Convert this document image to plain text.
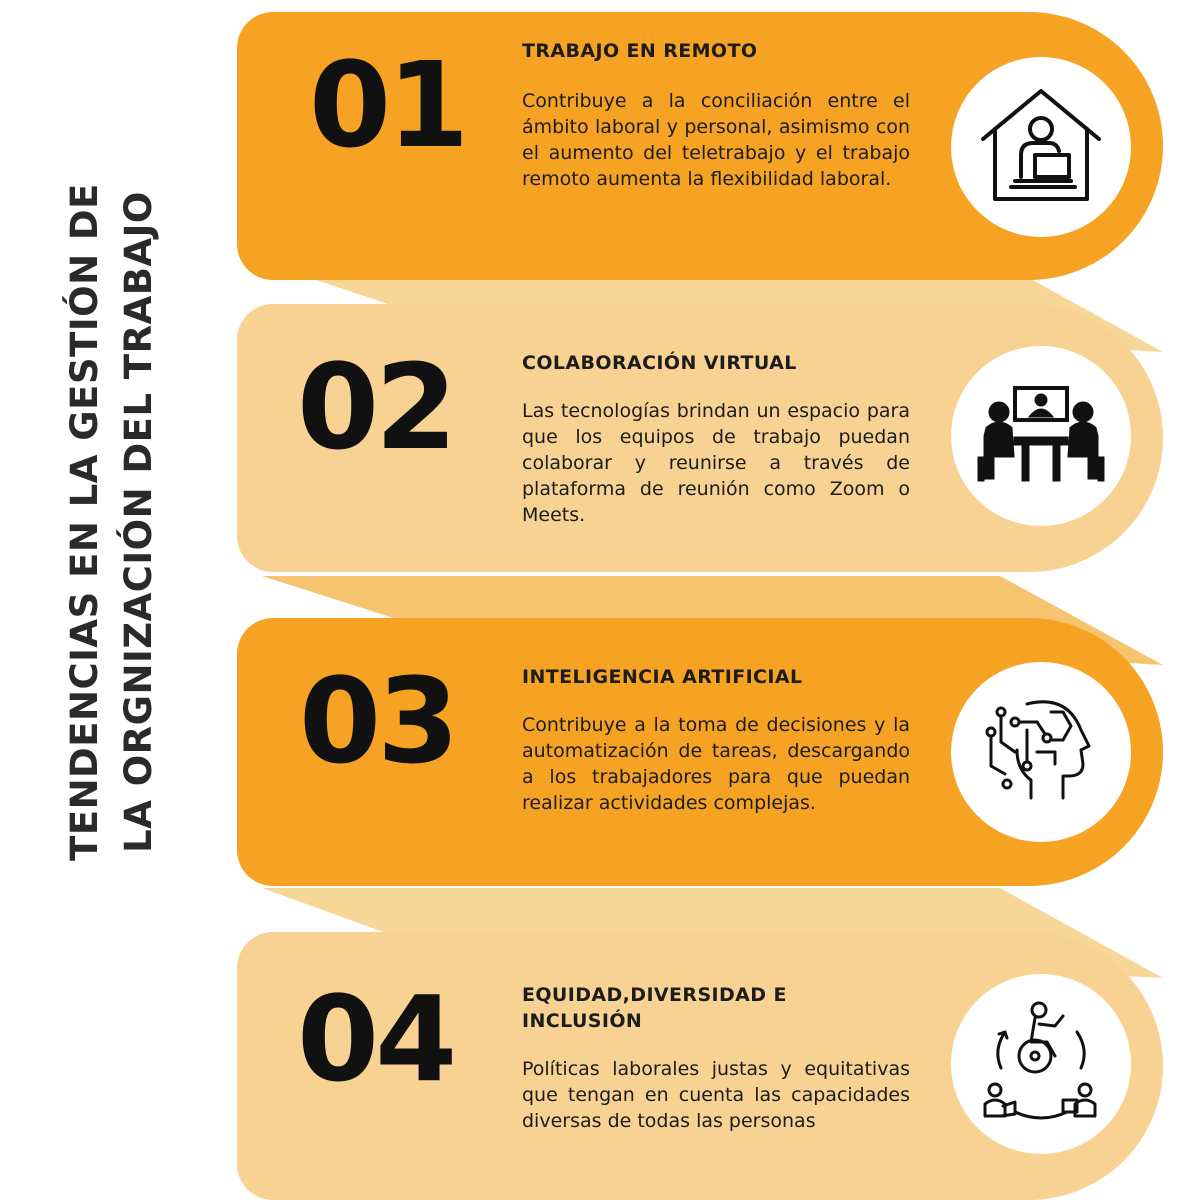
TENDENCIAS EN LA GESTIÓN DE LA ORGNIZACIÓN DEL TRABAJO
01	TRABAJO EN REMOTO
Contribuye a la conciliación entre el ámbito laboral y personal, asimismo con el aumento del teletrabajo y el trabajo remoto aumenta la flexibilidad laboral.
02	COLABORACIÓN VIRTUAL
Las tecnologías brindan un espacio para que los equipos de trabajo puedan colaborar y reunirse a través de plataforma de reunión como Zoom o Meets.
03	INTELIGENCIA ARTIFICIAL
Contribuye a la toma de decisiones y la automatización de tareas, descargando a los trabajadores para que puedan realizar actividades complejas.
04	EQUIDAD,DIVERSIDAD E INCLUSIÓN
Políticas laborales justas y equitativas que tengan en cuenta las capacidades diversas de todas las personas
